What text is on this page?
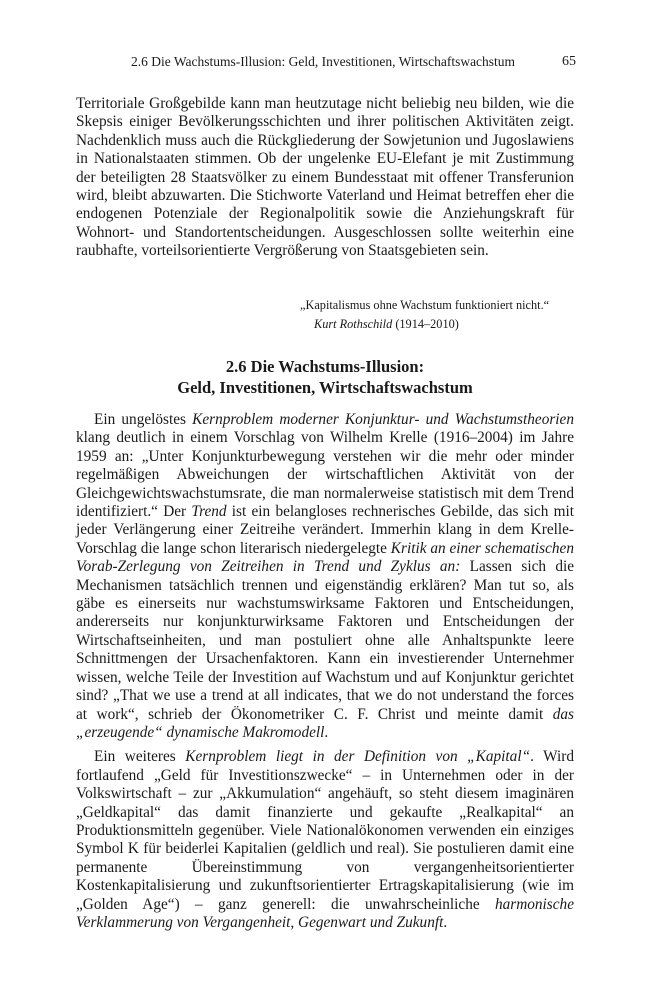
2.6 Die Wachstums-Illusion: Geld, Investitionen, Wirtschaftswachstum	65

Territoriale Großgebilde kann man heutzutage nicht beliebig neu bilden, wie die Skepsis einiger Bevölkerungsschichten und ihrer politischen Aktivitäten zeigt. Nachdenklich muss auch die Rückgliederung der Sowjetunion und Jugoslawiens in Nationalstaaten stimmen. Ob der ungelenke EU-Elefant je mit Zustimmung der beteiligten 28 Staatsvölker zu einem Bundesstaat mit offener Transferunion wird, bleibt abzuwarten. Die Stichworte Vaterland und Heimat betreffen eher die endogenen Potenziale der Regionalpolitik sowie die Anziehungskraft für Wohnort- und Standortentscheidungen. Ausgeschlossen sollte weiterhin eine raubhafte, vorteilsorientierte Vergrößerung von Staatsgebieten sein.

„Kapitalismus ohne Wachstum funktioniert nicht.“
Kurt Rothschild (1914–2010)
2.6 Die Wachstums-Illusion:
Geld, Investitionen, Wirtschaftswachstum

Ein ungelöstes Kernproblem moderner Konjunktur- und Wachstumstheorien klang deutlich in einem Vorschlag von Wilhelm Krelle (1916–2004) im Jahre 1959 an: „Unter Konjunkturbewegung verstehen wir die mehr oder minder regelmäßigen Abweichungen der wirtschaftlichen Aktivität von der Gleichgewichtswachstumsrate, die man normalerweise statistisch mit dem Trend identifiziert.“ Der Trend ist ein belangloses rechnerisches Gebilde, das sich mit jeder Verlängerung einer Zeitreihe verändert. Immerhin klang in dem Krelle-Vorschlag die lange schon literarisch niedergelegte Kritik an einer schematischen Vorab-Zerlegung von Zeitreihen in Trend und Zyklus an: Lassen sich die Mechanismen tatsächlich trennen und eigenständig erklären? Man tut so, als gäbe es einerseits nur wachstumswirksame Faktoren und Entscheidungen, andererseits nur konjunkturwirksame Faktoren und Entscheidungen der Wirtschaftseinheiten, und man postuliert ohne alle Anhaltspunkte leere Schnittmengen der Ursachenfaktoren. Kann ein investierender Unternehmer wissen, welche Teile der Investition auf Wachstum und auf Konjunktur gerichtet sind? „That we use a trend at all indicates, that we do not understand the forces at work“, schrieb der Ökonometriker C. F. Christ und meinte damit das „erzeugende“ dynamische Makromodell.

Ein weiteres Kernproblem liegt in der Definition von „Kapital“. Wird fortlaufend „Geld für Investitionszwecke“ – in Unternehmen oder in der Volkswirtschaft – zur „Akkumulation“ angehäuft, so steht diesem imaginären „Geldkapital“ das damit finanzierte und gekaufte „Realkapital“ an Produktionsmitteln gegenüber. Viele Nationalökonomen verwenden ein einziges Symbol K für beiderlei Kapitalien (geldlich und real). Sie postulieren damit eine permanente Übereinstimmung von vergangenheitsorientierter Kostenkapitalisierung und zukunftsorientierter Ertragskapitalisierung (wie im „Golden Age“) – ganz generell: die unwahrscheinliche harmonische Verklammerung von Vergangenheit, Gegenwart und Zukunft.
